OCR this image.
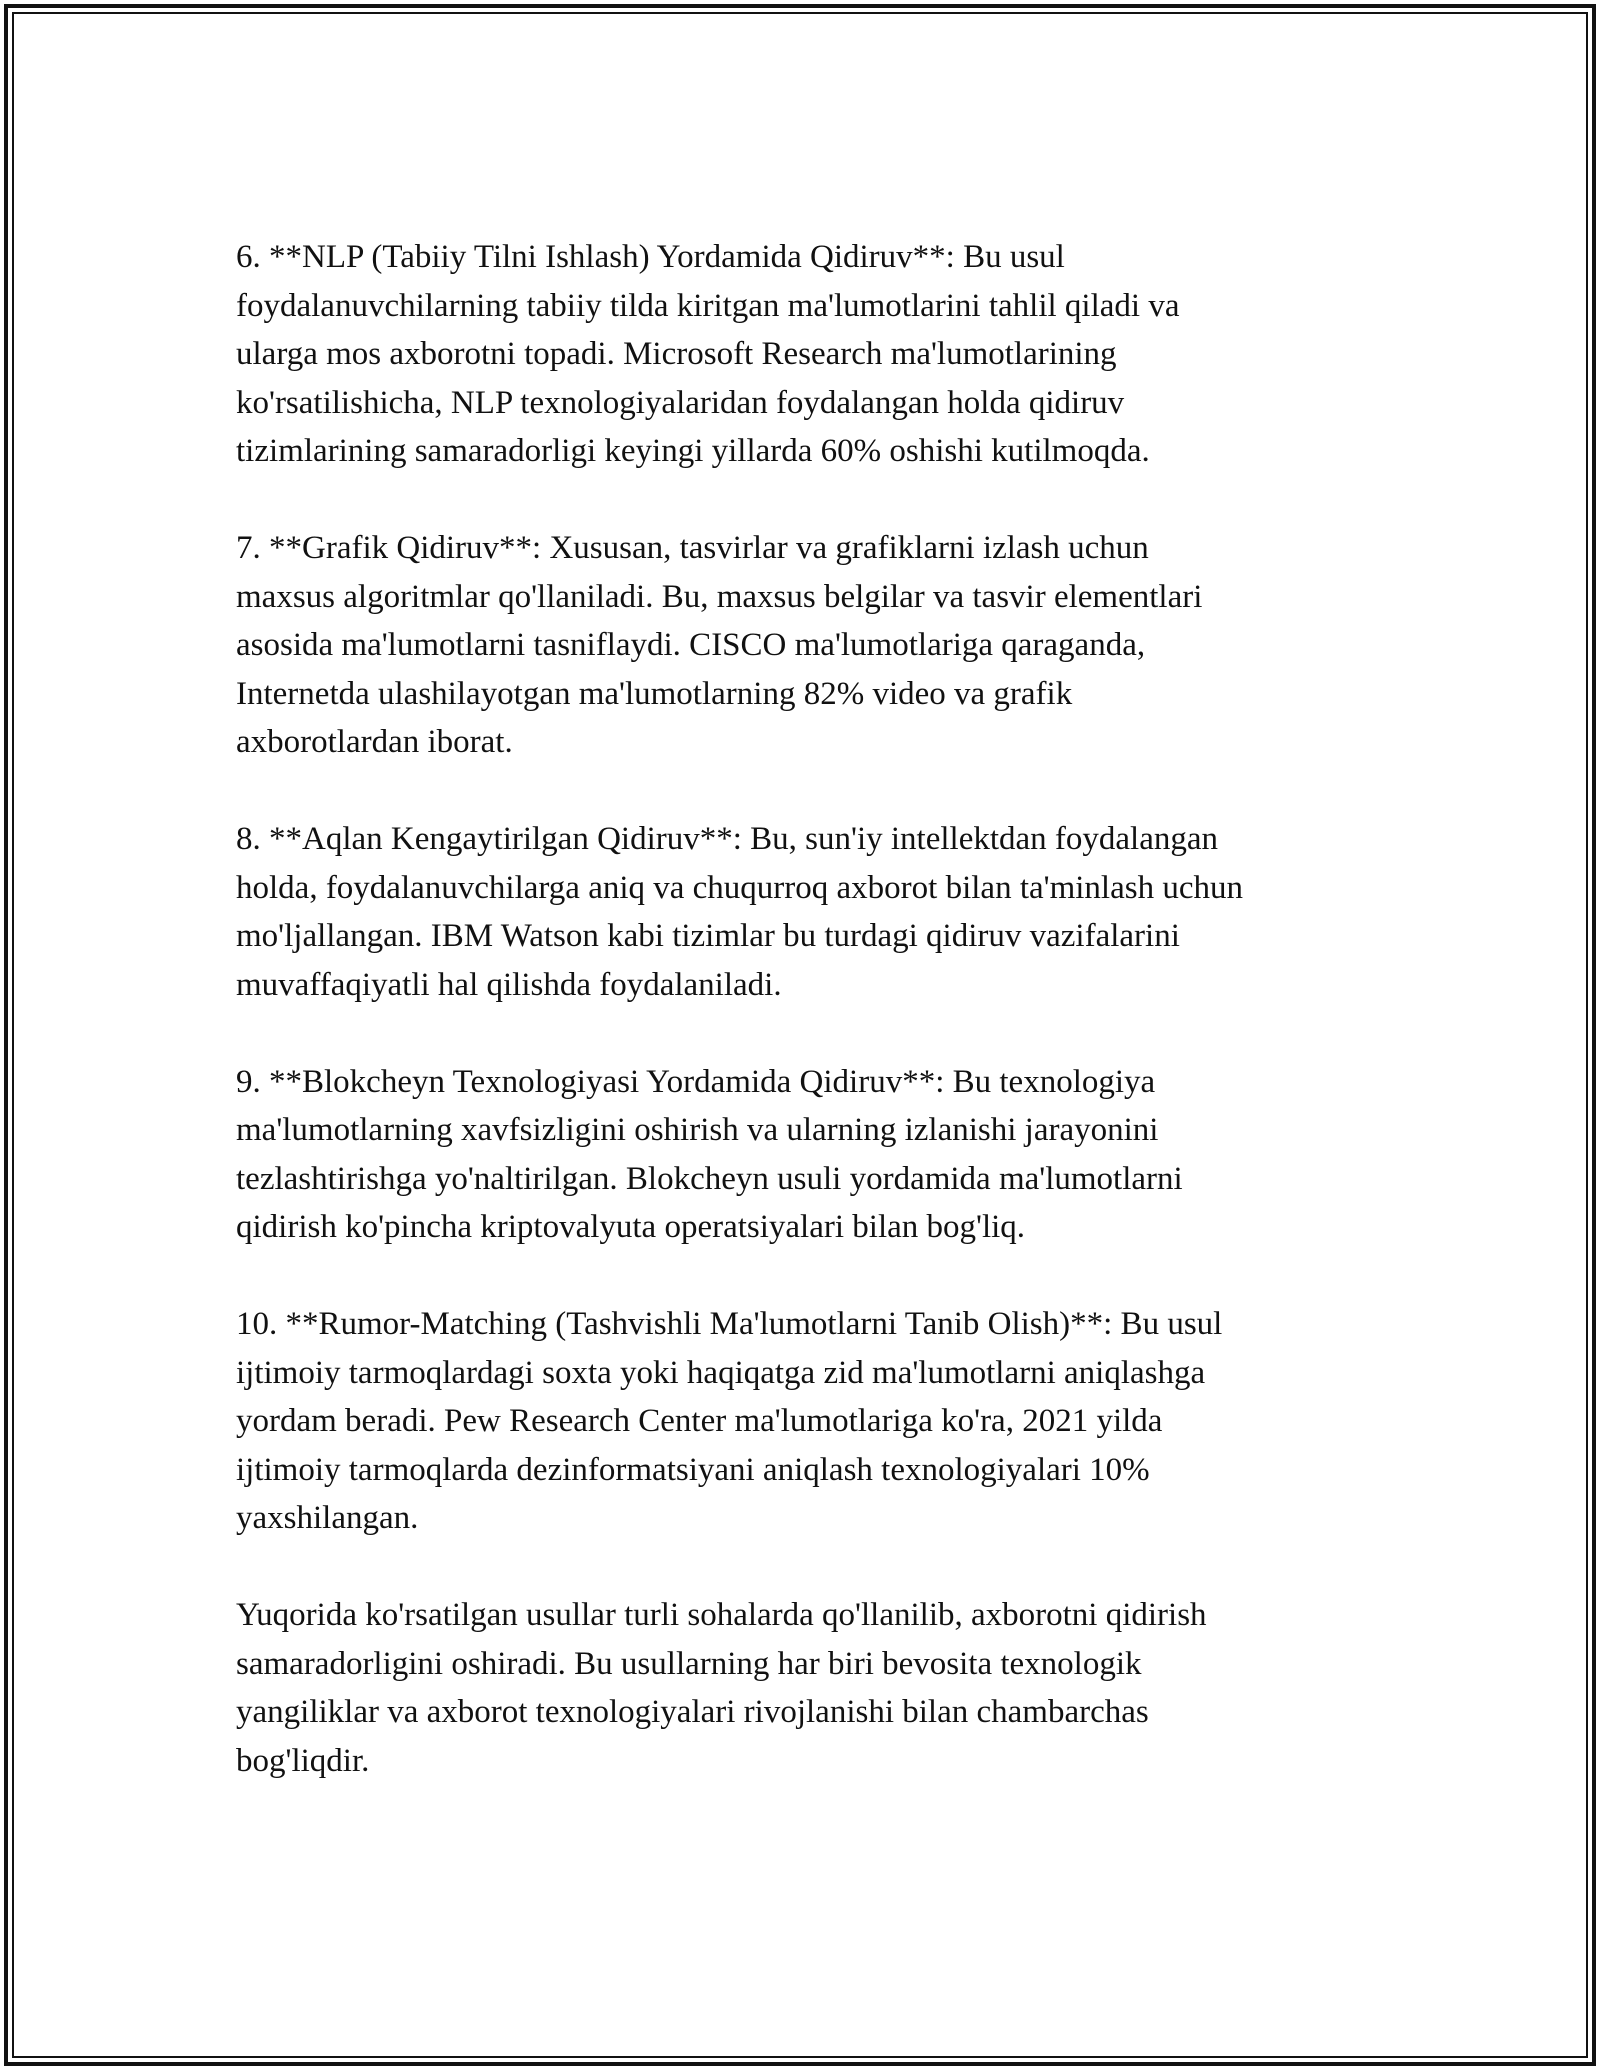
6. **NLP (Tabiiy Tilni Ishlash) Yordamida Qidiruv**: Bu usul
foydalanuvchilarning tabiiy tilda kiritgan ma'lumotlarini tahlil qiladi va
ularga mos axborotni topadi. Microsoft Research ma'lumotlarining
ko'rsatilishicha, NLP texnologiyalaridan foydalangan holda qidiruv
tizimlarining samaradorligi keyingi yillarda 60% oshishi kutilmoqda.

7. **Grafik Qidiruv**: Xususan, tasvirlar va grafiklarni izlash uchun
maxsus algoritmlar qo'llaniladi. Bu, maxsus belgilar va tasvir elementlari
asosida ma'lumotlarni tasniflaydi. CISCO ma'lumotlariga qaraganda,
Internetda ulashilayotgan ma'lumotlarning 82% video va grafik
axborotlardan iborat.

8. **Aqlan Kengaytirilgan Qidiruv**: Bu, sun'iy intellektdan foydalangan
holda, foydalanuvchilarga aniq va chuqurroq axborot bilan ta'minlash uchun
mo'ljallangan. IBM Watson kabi tizimlar bu turdagi qidiruv vazifalarini
muvaffaqiyatli hal qilishda foydalaniladi.

9. **Blokcheyn Texnologiyasi Yordamida Qidiruv**: Bu texnologiya
ma'lumotlarning xavfsizligini oshirish va ularning izlanishi jarayonini
tezlashtirishga yo'naltirilgan. Blokcheyn usuli yordamida ma'lumotlarni
qidirish ko'pincha kriptovalyuta operatsiyalari bilan bog'liq.

10. **Rumor-Matching (Tashvishli Ma'lumotlarni Tanib Olish)**: Bu usul
ijtimoiy tarmoqlardagi soxta yoki haqiqatga zid ma'lumotlarni aniqlashga
yordam beradi. Pew Research Center ma'lumotlariga ko'ra, 2021 yilda
ijtimoiy tarmoqlarda dezinformatsiyani aniqlash texnologiyalari 10%
yaxshilangan.

Yuqorida ko'rsatilgan usullar turli sohalarda qo'llanilib, axborotni qidirish
samaradorligini oshiradi. Bu usullarning har biri bevosita texnologik
yangiliklar va axborot texnologiyalari rivojlanishi bilan chambarchas
bog'liqdir.
